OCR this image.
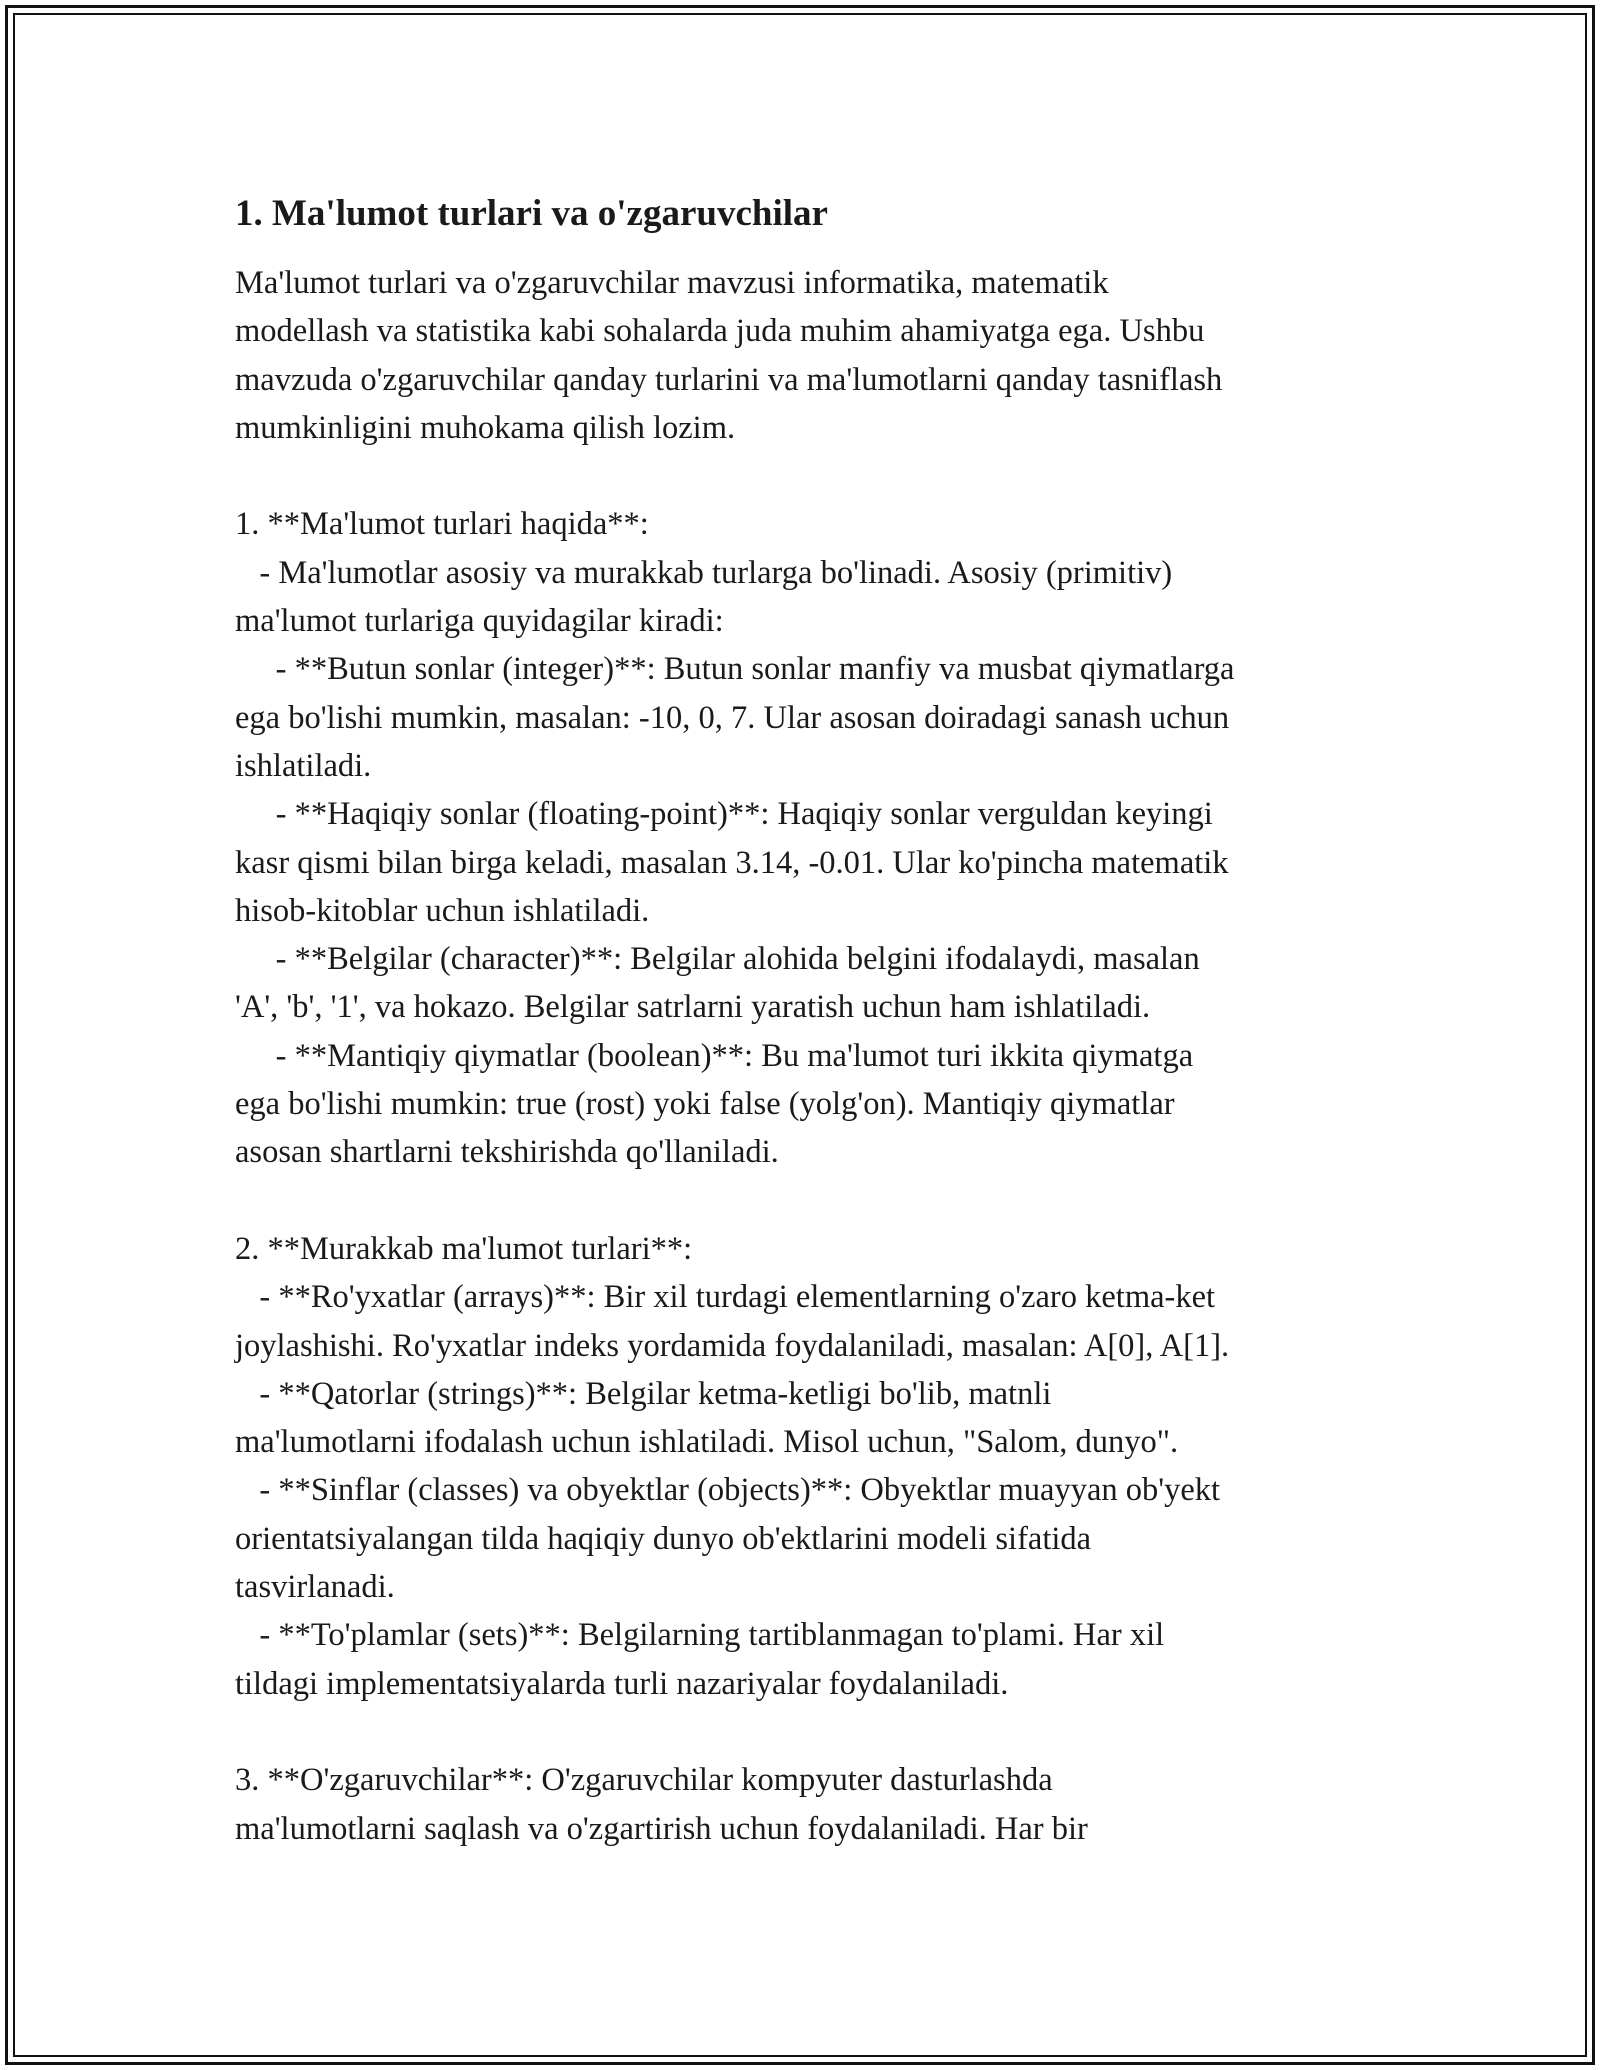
1. Ma'lumot turlari va o'zgaruvchilar

Ma'lumot turlari va o'zgaruvchilar mavzusi informatika, matematik

modellash va statistika kabi sohalarda juda muhim ahamiyatga ega. Ushbu

mavzuda o'zgaruvchilar qanday turlarini va ma'lumotlarni qanday tasniflash

mumkinligini muhokama qilish lozim.

1. **Ma'lumot turlari haqida**:

- Ma'lumotlar asosiy va murakkab turlarga bo'linadi. Asosiy (primitiv)

ma'lumot turlariga quyidagilar kiradi:

- **Butun sonlar (integer)**: Butun sonlar manfiy va musbat qiymatlarga

ega bo'lishi mumkin, masalan: -10, 0, 7. Ular asosan doiradagi sanash uchun

ishlatiladi.

- **Haqiqiy sonlar (floating-point)**: Haqiqiy sonlar verguldan keyingi

kasr qismi bilan birga keladi, masalan 3.14, -0.01. Ular ko'pincha matematik

hisob-kitoblar uchun ishlatiladi.

- **Belgilar (character)**: Belgilar alohida belgini ifodalaydi, masalan

'A', 'b', '1', va hokazo. Belgilar satrlarni yaratish uchun ham ishlatiladi.

- **Mantiqiy qiymatlar (boolean)**: Bu ma'lumot turi ikkita qiymatga

ega bo'lishi mumkin: true (rost) yoki false (yolg'on). Mantiqiy qiymatlar

asosan shartlarni tekshirishda qo'llaniladi.

2. **Murakkab ma'lumot turlari**:

- **Ro'yxatlar (arrays)**: Bir xil turdagi elementlarning o'zaro ketma-ket

joylashishi. Ro'yxatlar indeks yordamida foydalaniladi, masalan: A[0], A[1].

- **Qatorlar (strings)**: Belgilar ketma-ketligi bo'lib, matnli

ma'lumotlarni ifodalash uchun ishlatiladi. Misol uchun, "Salom, dunyo".

- **Sinflar (classes) va obyektlar (objects)**: Obyektlar muayyan ob'yekt

orientatsiyalangan tilda haqiqiy dunyo ob'ektlarini modeli sifatida

tasvirlanadi.

- **To'plamlar (sets)**: Belgilarning tartiblanmagan to'plami. Har xil

tildagi implementatsiyalarda turli nazariyalar foydalaniladi.

3. **O'zgaruvchilar**: O'zgaruvchilar kompyuter dasturlashda

ma'lumotlarni saqlash va o'zgartirish uchun foydalaniladi. Har bir
